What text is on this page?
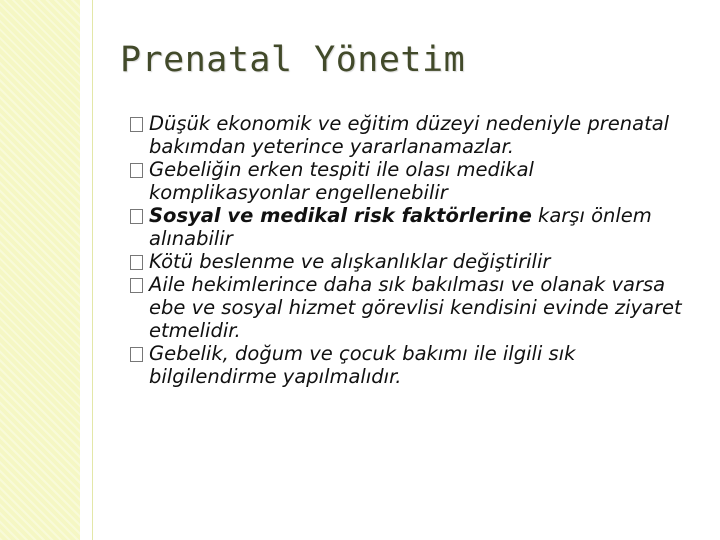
Prenatal Yönetim
Düşük ekonomik ve eğitim düzeyi nedeniyle prenatal bakımdan yeterince yararlanamazlar.
Gebeliğin erken tespiti ile olası medikal komplikasyonlar engellenebilir
Sosyal ve medikal risk faktörlerine karşı önlem alınabilir
Kötü beslenme ve alışkanlıklar değiştirilir
Aile hekimlerince daha sık bakılması ve olanak varsa ebe ve sosyal hizmet görevlisi kendisini evinde ziyaret etmelidir.
Gebelik, doğum ve çocuk bakımı ile ilgili sık bilgilendirme yapılmalıdır.
